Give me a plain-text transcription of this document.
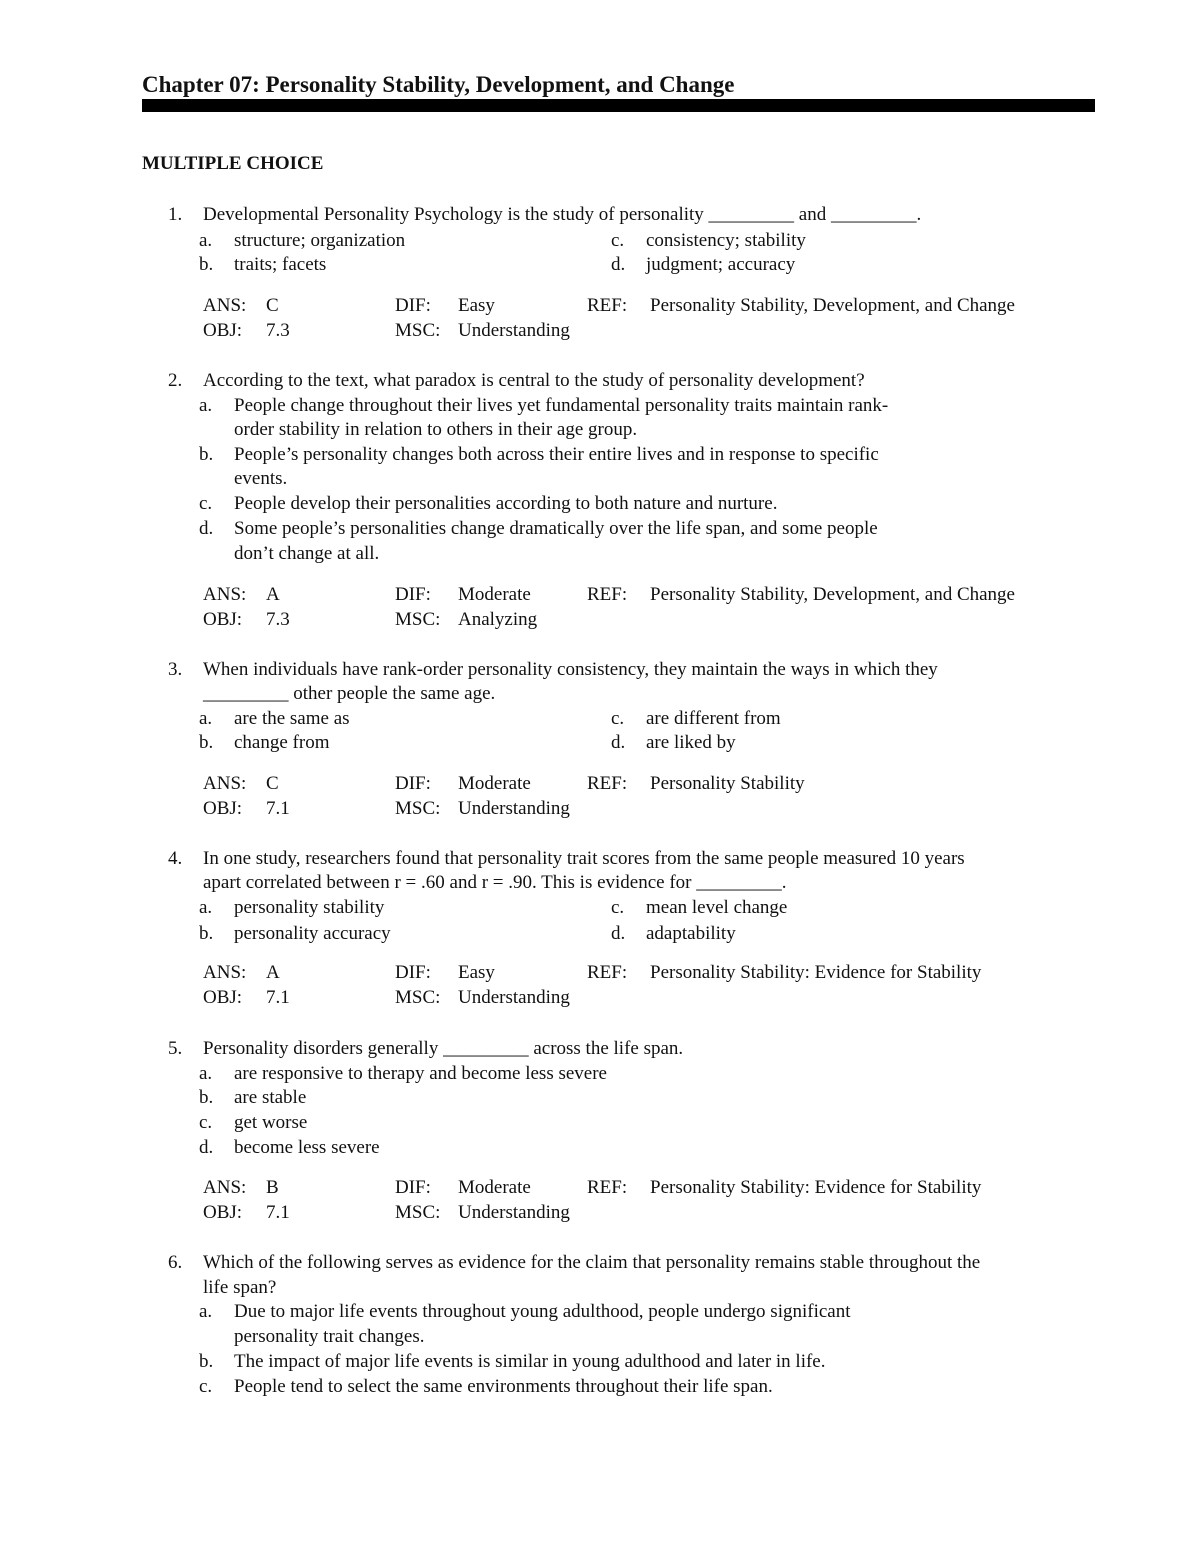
Chapter 07: Personality Stability, Development, and Change
MULTIPLE CHOICE
1. Developmental Personality Psychology is the study of personality _________ and _________.
a. structure; organization	c. consistency; stability
b. traits; facets	d. judgment; accuracy
ANS: C	DIF: Easy	REF: Personality Stability, Development, and Change
OBJ: 7.3	MSC: Understanding
2. According to the text, what paradox is central to the study of personality development?
a. People change throughout their lives yet fundamental personality traits maintain rank-
order stability in relation to others in their age group.
b. People’s personality changes both across their entire lives and in response to specific
events.
c. People develop their personalities according to both nature and nurture.
d. Some people’s personalities change dramatically over the life span, and some people
don’t change at all.
ANS: A	DIF: Moderate	REF: Personality Stability, Development, and Change
OBJ: 7.3	MSC: Analyzing
3. When individuals have rank-order personality consistency, they maintain the ways in which they
_________ other people the same age.
a. are the same as	c. are different from
b. change from	d. are liked by
ANS: C	DIF: Moderate	REF: Personality Stability
OBJ: 7.1	MSC: Understanding
4. In one study, researchers found that personality trait scores from the same people measured 10 years
apart correlated between r = .60 and r = .90. This is evidence for _________.
a. personality stability	c. mean level change
b. personality accuracy	d. adaptability
ANS: A	DIF: Easy	REF: Personality Stability: Evidence for Stability
OBJ: 7.1	MSC: Understanding
5. Personality disorders generally _________ across the life span.
a. are responsive to therapy and become less severe
b. are stable
c. get worse
d. become less severe
ANS: B	DIF: Moderate	REF: Personality Stability: Evidence for Stability
OBJ: 7.1	MSC: Understanding
6. Which of the following serves as evidence for the claim that personality remains stable throughout the
life span?
a. Due to major life events throughout young adulthood, people undergo significant
personality trait changes.
b. The impact of major life events is similar in young adulthood and later in life.
c. People tend to select the same environments throughout their life span.
